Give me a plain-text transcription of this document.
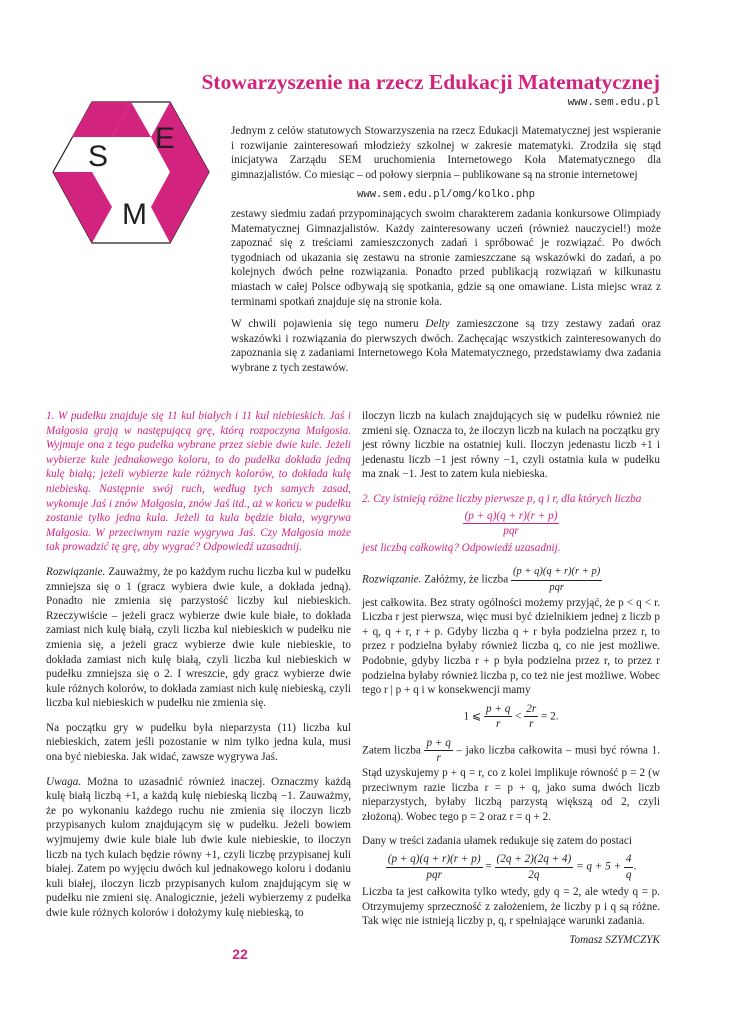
Stowarzyszenie na rzecz Edukacji Matematycznej
www.sem.edu.pl
S
E
M

Jednym z celów statutowych Stowarzyszenia na rzecz Edukacji Matematycznej jest wspieranie i rozwijanie zainteresowań młodzieży szkolnej w zakresie matematyki. Zrodziła się stąd inicjatywa Zarządu SEM uruchomienia Internetowego Koła Matematycznego dla gimnazjalistów. Co miesiąc – od połowy sierpnia – publikowane są na stronie internetowej

www.sem.edu.pl/omg/kolko.php

zestawy siedmiu zadań przypominających swoim charakterem zadania konkursowe Olimpiady Matematycznej Gimnazjalistów. Każdy zainteresowany uczeń (również nauczyciel!) może zapoznać się z treściami zamieszczonych zadań i spróbować je rozwiązać. Po dwóch tygodniach od ukazania się zestawu na stronie zamieszczane są wskazówki do zadań, a po kolejnych dwóch pełne rozwiązania. Ponadto przed publikacją rozwiązań w kilkunastu miastach w całej Polsce odbywają się spotkania, gdzie są one omawiane. Lista miejsc wraz z terminami spotkań znajduje się na stronie koła.

W chwili pojawienia się tego numeru Delty zamieszczone są trzy zestawy zadań oraz wskazówki i rozwiązania do pierwszych dwóch. Zachęcając wszystkich zainteresowanych do zapoznania się z zadaniami Internetowego Koła Matematycznego, przedstawiamy dwa zadania wybrane z tych zestawów.

1. W pudełku znajduje się 11 kul białych i 11 kul niebieskich. Jaś i Małgosia grają w następującą grę, którą rozpoczyna Małgosia. Wyjmuje ona z tego pudełka wybrane przez siebie dwie kule. Jeżeli wybierze kule jednakowego koloru, to do pudełka dokłada jedną kulę białą; jeżeli wybierze kule różnych kolorów, to dokłada kulę niebieską. Następnie swój ruch, według tych samych zasad, wykonuje Jaś i znów Małgosia, znów Jaś itd., aż w końcu w pudełku zostanie tylko jedna kula. Jeżeli ta kula będzie biała, wygrywa Małgosia. W przeciwnym razie wygrywa Jaś. Czy Małgosia może tak prowadzić tę grę, aby wygrać? Odpowiedź uzasadnij.

Rozwiązanie. Zauważmy, że po każdym ruchu liczba kul w pudełku zmniejsza się o 1 (gracz wybiera dwie kule, a dokłada jedną). Ponadto nie zmienia się parzystość liczby kul niebieskich. Rzeczywiście – jeżeli gracz wybierze dwie kule białe, to dokłada zamiast nich kulę białą, czyli liczba kul niebieskich w pudełku nie zmienia się, a jeżeli gracz wybierze dwie kule niebieskie, to dokłada zamiast nich kulę białą, czyli liczba kul niebieskich w pudełku zmniejsza się o 2. I wreszcie, gdy gracz wybierze dwie kule różnych kolorów, to dokłada zamiast nich kulę niebieską, czyli liczba kul niebieskich w pudełku nie zmienia się.

Na początku gry w pudełku była nieparzysta (11) liczba kul niebieskich, zatem jeśli pozostanie w nim tylko jedna kula, musi ona być niebieska. Jak widać, zawsze wygrywa Jaś.

Uwaga. Można to uzasadnić również inaczej. Oznaczmy każdą kulę białą liczbą +1, a każdą kulę niebieską liczbą −1. Zauważmy, że po wykonaniu każdego ruchu nie zmienia się iloczyn liczb przypisanych kulom znajdującym się w pudełku. Jeżeli bowiem wyjmujemy dwie kule białe lub dwie kule niebieskie, to iloczyn liczb na tych kulach będzie równy +1, czyli liczbę przypisanej kuli białej. Zatem po wyjęciu dwóch kul jednakowego koloru i dodaniu kuli białej, iloczyn liczb przypisanych kulom znajdującym się w pudełku nie zmieni się. Analogicznie, jeżeli wybierzemy z pudełka dwie kule różnych kolorów i dołożymy kulę niebieską, to

iloczyn liczb na kulach znajdujących się w pudełku również nie zmieni się. Oznacza to, że iloczyn liczb na kulach na początku gry jest równy liczbie na ostatniej kuli. Iloczyn jedenastu liczb +1 i jedenastu liczb −1 jest równy −1, czyli ostatnia kula w pudełku ma znak −1. Jest to zatem kula niebieska.

2. Czy istnieją różne liczby pierwsze p, q i r, dla których liczba

$\frac{(p + q)(q + r)(r + p)}{\text{pqr}}$

jest liczbą całkowitą? Odpowiedź uzasadnij.

Rozwiązanie. Załóżmy, że liczba $\frac{(p + q)(q + r)(r + p)}{\text{pqr}}$

jest całkowita. Bez straty ogólności możemy przyjąć, że p < q < r. Liczba r jest pierwsza, więc musi być dzielnikiem jednej z liczb p + q, q + r, r + p. Gdyby liczba q + r była podzielna przez r, to przez r podzielna byłaby również liczba q, co nie jest możliwe. Podobnie, gdyby liczba r + p była podzielna przez r, to przez r podzielna byłaby również liczba p, co też nie jest możliwe. Wobec tego r | p + q i w konsekwencji mamy

1 ⩽ $\frac{p + q}{r} < \frac{2r}{r} = 2$.

Zatem liczba $\frac{p + q}{r}$ – jako liczba całkowita – musi być równa 1. Stąd uzyskujemy p + q = r, co z kolei implikuje równość p = 2 (w przeciwnym razie liczba r = p + q, jako suma dwóch liczb nieparzystych, byłaby liczbą parzystą większą od 2, czyli złożoną). Wobec tego p = 2 oraz r = q + 2.

Dany w treści zadania ułamek redukuje się zatem do postaci

$\frac{(p + q)(q + r)(r + p)}{\text{pqr}} = \frac{(2q + 2)(2q + 4)}{2q} = q + 5 + \frac{4}{q}$ .

Liczba ta jest całkowita tylko wtedy, gdy q = 2, ale wtedy q = p. Otrzymujemy sprzeczność z założeniem, że liczby p i q są różne. Tak więc nie istnieją liczby p, q, r spełniające warunki zadania.

Tomasz SZYMCZYK

22
